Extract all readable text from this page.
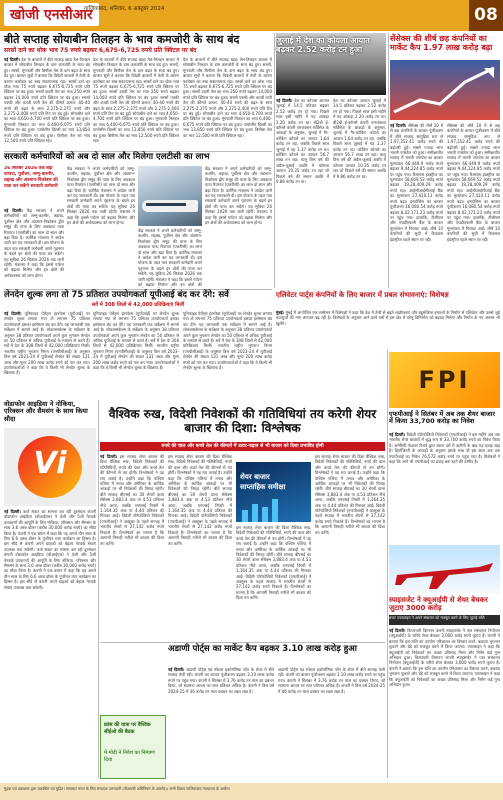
खोजी एनसीआर
गाजियाबाद, शनिवार, 6 अक्टूबर 2024	08
बीते सप्ताह सोयाबीन तिलहन के भाव कमजोरी के साथ बंद
सरसों दाने का थोक भाव 75 रुपये बढ़कर 6,675-6,725 रुपये प्रति क्विंटल पर बंद
नई दिल्ली। देश के बाजारों में बीते सप्ताह खाद्य तेल-तिलहन बाजार में सोयाबीन तिलहन के दाम कमजोरी के साथ बंद हुए। सरसों, मूंगफली और बिनौला तेल के दाम बढ़त के साथ बंद हुए। बाजार सूत्रों ने बताया कि विदेशी बाजारों में तेजी के कारण कारोबार का रुख सकारात्मक रहा। सरसों दाने का थोक भाव 75 रुपये बढ़कर 6,675-6,725 रुपये प्रति क्विंटल पर बंद हुआ। सरसों दादरी तेल का भाव 250 रुपये बढ़कर 14,000 रुपये प्रति क्विंटल पर बंद हुआ। सरसों पक्की और कच्ची घानी तेल की कीमतें क्रमश: 40-40 रुपये की बढ़त के साथ 2,275-2,375 रुपये और 2,275-2,400 रुपये प्रति टिन पर बंद हुईं। सोयाबीन दाने का भाव 4,650-4,700 रुपये प्रति क्विंटल पर बंद हुआ। मूंगफली तिलहन का भाव 6,400-6,675 रुपये प्रति क्विंटल पर बंद हुआ। पामोलीन दिल्ली का भाव 13,850 रुपये प्रति क्विंटल पर बंद हुआ। बिनौला तेल का भाव 12,500 रुपये प्रति क्विंटल रहा।
देश के बाजारों में बीते सप्ताह खाद्य तेल-तिलहन बाजार में सोयाबीन तिलहन के दाम कमजोरी के साथ बंद हुए। सरसों, मूंगफली और बिनौला तेल के दाम बढ़त के साथ बंद हुए। बाजार सूत्रों ने बताया कि विदेशी बाजारों में तेजी के कारण कारोबार का रुख सकारात्मक रहा। सरसों दाने का थोक भाव 75 रुपये बढ़कर 6,675-6,725 रुपये प्रति क्विंटल पर बंद हुआ। सरसों दादरी तेल का भाव 250 रुपये बढ़कर 14,000 रुपये प्रति क्विंटल पर बंद हुआ। सरसों पक्की और कच्ची घानी तेल की कीमतें क्रमश: 40-40 रुपये की बढ़त के साथ 2,275-2,375 रुपये और 2,275-2,400 रुपये प्रति टिन पर बंद हुईं। सोयाबीन दाने का भाव 4,650-4,700 रुपये प्रति क्विंटल पर बंद हुआ। मूंगफली तिलहन का भाव 6,400-6,675 रुपये प्रति क्विंटल पर बंद हुआ। पामोलीन दिल्ली का भाव 13,850 रुपये प्रति क्विंटल पर बंद हुआ। बिनौला तेल का भाव 12,500 रुपये प्रति क्विंटल रहा।
देश के बाजारों में बीते सप्ताह खाद्य तेल-तिलहन बाजार में सोयाबीन तिलहन के दाम कमजोरी के साथ बंद हुए। सरसों, मूंगफली और बिनौला तेल के दाम बढ़त के साथ बंद हुए। बाजार सूत्रों ने बताया कि विदेशी बाजारों में तेजी के कारण कारोबार का रुख सकारात्मक रहा। सरसों दाने का थोक भाव 75 रुपये बढ़कर 6,675-6,725 रुपये प्रति क्विंटल पर बंद हुआ। सरसों दादरी तेल का भाव 250 रुपये बढ़कर 14,000 रुपये प्रति क्विंटल पर बंद हुआ। सरसों पक्की और कच्ची घानी तेल की कीमतें क्रमश: 40-40 रुपये की बढ़त के साथ 2,275-2,375 रुपये और 2,275-2,400 रुपये प्रति टिन पर बंद हुईं। सोयाबीन दाने का भाव 4,650-4,700 रुपये प्रति क्विंटल पर बंद हुआ। मूंगफली तिलहन का भाव 6,400-6,675 रुपये प्रति क्विंटल पर बंद हुआ। पामोलीन दिल्ली का भाव 13,850 रुपये प्रति क्विंटल पर बंद हुआ। बिनौला तेल का भाव 12,500 रुपये प्रति क्विंटल रहा।
सरकारी कर्मचारियों को अब दो साल और मिलेगा एलटीसी का लाभ
26 सितंबर 2026 तक बढ़ा फायदा, पूर्वोत्तर, जम्मू-कश्मीर, लद्दाख और अंडमान-निकोबार की यात्रा कर सकेंगे सरकारी कर्मचारी
नई दिल्ली। केंद्र सरकार ने अपने कर्मचारियों को जम्मू-कश्मीर, लद्दाख, पूर्वोत्तर क्षेत्र और अंडमान-निकोबार द्वीप समूह की यात्रा के लिए अवकाश यात्रा रियायत (एलटीसी) का लाभ दो साल और बढ़ा दिया है। कार्मिक मंत्रालय ने आदेश जारी कर यह जानकारी दी। इस योजना के तहत पात्र सरकारी कर्मचारी अपने गृहनगर के बदले इन क्षेत्रों की यात्रा कर सकेंगे। यह सुविधा 26 सितंबर 2026 तक जारी रहेगी। मंत्रालय ने कहा कि इससे पर्यटन को बढ़ावा मिलेगा और इन क्षेत्रों की अर्थव्यवस्था को लाभ होगा।
केंद्र सरकार ने अपने कर्मचारियों को जम्मू-कश्मीर, लद्दाख, पूर्वोत्तर क्षेत्र और अंडमान-निकोबार द्वीप समूह की यात्रा के लिए अवकाश यात्रा रियायत (एलटीसी) का लाभ दो साल और बढ़ा दिया है। कार्मिक मंत्रालय ने आदेश जारी कर यह जानकारी दी। इस योजना के तहत पात्र सरकारी कर्मचारी अपने गृहनगर के बदले इन क्षेत्रों की यात्रा कर सकेंगे। यह सुविधा 26 सितंबर 2026 तक जारी रहेगी। मंत्रालय ने कहा कि इससे पर्यटन को बढ़ावा मिलेगा और इन क्षेत्रों की अर्थव्यवस्था को लाभ होगा।
केंद्र सरकार ने अपने कर्मचारियों को जम्मू-कश्मीर, लद्दाख, पूर्वोत्तर क्षेत्र और अंडमान-निकोबार द्वीप समूह की यात्रा के लिए अवकाश यात्रा रियायत (एलटीसी) का लाभ दो साल और बढ़ा दिया है। कार्मिक मंत्रालय ने आदेश जारी कर यह जानकारी दी। इस योजना के तहत पात्र सरकारी कर्मचारी अपने गृहनगर के बदले इन क्षेत्रों की यात्रा कर सकेंगे। यह सुविधा 26 सितंबर 2026 तक जारी रहेगी। मंत्रालय ने कहा कि इससे पर्यटन को बढ़ावा मिलेगा और इन क्षेत्रों की
केंद्र सरकार ने अपने कर्मचारियों को जम्मू-कश्मीर, लद्दाख, पूर्वोत्तर क्षेत्र और अंडमान-निकोबार द्वीप समूह की यात्रा के लिए अवकाश यात्रा रियायत (एलटीसी) का लाभ दो साल और बढ़ा दिया है। कार्मिक मंत्रालय ने आदेश जारी कर यह जानकारी दी। इस योजना के तहत पात्र सरकारी कर्मचारी अपने गृहनगर के बदले इन क्षेत्रों की यात्रा कर सकेंगे। यह सुविधा 26 सितंबर 2026 तक जारी रहेगी। मंत्रालय ने कहा कि इससे पर्यटन को बढ़ावा मिलेगा और इन क्षेत्रों की अर्थव्यवस्था को लाभ होगा।
जुलाई में देश का कोयला आयात बढ़कर 2.52 करोड़ टन हुआ
नई दिल्ली। देश का कोयला आयात जुलाई में 14.5 प्रतिशत बढ़कर 2.52 करोड़ टन हो गया। पिछले साल इसी महीने में यह आंकड़ा 2.20 करोड़ टन था। बी2बी ई-कॉमर्स कंपनी एमजंक्शन सर्विसेज के आंकड़ों के अनुसार, जुलाई में गैर-कोकिंग कोयले का आयात 1.64 करोड़ टन रहा, जबकि पिछले साल जुलाई में यह 1.37 करोड़ टन था। कोकिंग कोयले का आयात 56.7 लाख टन रहा। चालू वित्त वर्ष की अप्रैल-जुलाई अवधि में कोयला आयात 10.35 करोड़ टन रहा जो पिछले वर्ष की समान अवधि में 9.86 करोड़ टन था।
देश का कोयला आयात जुलाई में 14.5 प्रतिशत बढ़कर 2.52 करोड़ टन हो गया। पिछले साल इसी महीने में यह आंकड़ा 2.20 करोड़ टन था। बी2बी ई-कॉमर्स कंपनी एमजंक्शन सर्विसेज के आंकड़ों के अनुसार, जुलाई में गैर-कोकिंग कोयले का आयात 1.64 करोड़ टन रहा, जबकि पिछले साल जुलाई में यह 1.37 करोड़ टन था। कोकिंग कोयले का आयात 56.7 लाख टन रहा। चालू वित्त वर्ष की अप्रैल-जुलाई अवधि में कोयला आयात 10.35 करोड़ टन रहा जो पिछले वर्ष की समान अवधि में 9.86 करोड़ टन था।
सेंसेक्स की शीर्ष छह कंपनियों का मार्केट कैप 1.97 लाख करोड़ बढ़ा
नई दिल्ली। सेंसेक्स की शीर्ष 10 में से छह कंपनियों के बाजार पूंजीकरण में बीते सप्ताह सामूहिक रूप से 1,97,352.41 करोड़ रुपये की बढ़ोतरी हुई। सबसे ज्यादा लाभ भारती एयरटेल को हुआ। समीक्षाधीन सप्ताह में भारती एयरटेल का बाजार मूल्यांकन 66,449.9 करोड़ रुपये बढ़कर 9,44,224.85 करोड़ रुपये पर पहुंच गया। रिलायंस इंडस्ट्रीज का मूल्यांकन 58,669.52 करोड़ रुपये बढ़कर 19,28,409.29 करोड़ रुपये रहा। आईसीआईसीआई बैंक का मूल्यांकन 27,410.11 करोड़ रुपये बढ़ा। इन्फोसिस का बाजार पूंजीकरण 16,080.54 करोड़ रुपये बढ़कर 8,02,171.23 करोड़ रुपये पर पहुंच गया। हालांकि, टीसीएस और एचडीएफसी बैंक के बाजार मूल्यांकन में गिरावट आई। शीर्ष 10 कंपनियों की सूची में रिलायंस इंडस्ट्रीज पहले स्थान पर रही।
सेंसेक्स की शीर्ष 10 में से छह कंपनियों के बाजार पूंजीकरण में बीते सप्ताह सामूहिक रूप से 1,97,352.41 करोड़ रुपये की बढ़ोतरी हुई। सबसे ज्यादा लाभ भारती एयरटेल को हुआ। समीक्षाधीन सप्ताह में भारती एयरटेल का बाजार मूल्यांकन 66,449.9 करोड़ रुपये बढ़कर 9,44,224.85 करोड़ रुपये पर पहुंच गया। रिलायंस इंडस्ट्रीज का मूल्यांकन 58,669.52 करोड़ रुपये बढ़कर 19,28,409.29 करोड़ रुपये रहा। आईसीआईसीआई बैंक का मूल्यांकन 27,410.11 करोड़ रुपये बढ़ा। इन्फोसिस का बाजार पूंजीकरण 16,080.54 करोड़ रुपये बढ़कर 8,02,171.23 करोड़ रुपये पर पहुंच गया। हालांकि, टीसीएस और एचडीएफसी बैंक के बाजार मूल्यांकन में गिरावट आई। शीर्ष 10 कंपनियों की सूची में रिलायंस इंडस्ट्रीज पहले स्थान पर रही।
लेनदेन शुल्क लगा तो 75 प्रतिशत उपयोगकर्ता यूपीआई बंद कर देंगे: सर्वे
सर्वे में 308 जिलों से 42,000 प्रतिक्रियाएं मिलीं
नई दिल्ली। यूनिफाइड पेमेंट्स इंटरफेस (यूपीआई) पर लेनदेन शुल्क लगाया गया तो लगभग 75 प्रतिशत उपयोगकर्ता इसका इस्तेमाल बंद कर देंगे। यह जानकारी एक सर्वेक्षण में सामने आई है। लोकलसर्कल्स के सर्वेक्षण के अनुसार 38 प्रतिशत उपयोगकर्ता अपने कुल भुगतान लेनदेन का 50 प्रतिशत से अधिक यूपीआई के माध्यम से करते हैं। सर्वे में देश के 308 जिलों से 42,000 प्रतिक्रियाएं मिलीं। भारतीय राष्ट्रीय भुगतान निगम (एनपीसीआई) के अनुसार वित्त वर्ष 2023-24 में यूपीआई लेनदेन की संख्या 131 अरब और मूल्य 200 लाख करोड़ रुपये को पार कर गया। उपयोगकर्ताओं ने कहा कि वे किसी भी लेनदेन शुल्क के खिलाफ हैं।
यूनिफाइड पेमेंट्स इंटरफेस (यूपीआई) पर लेनदेन शुल्क लगाया गया तो लगभग 75 प्रतिशत उपयोगकर्ता इसका इस्तेमाल बंद कर देंगे। यह जानकारी एक सर्वेक्षण में सामने आई है। लोकलसर्कल्स के सर्वेक्षण के अनुसार 38 प्रतिशत उपयोगकर्ता अपने कुल भुगतान लेनदेन का 50 प्रतिशत से अधिक यूपीआई के माध्यम से करते हैं। सर्वे में देश के 308 जिलों से 42,000 प्रतिक्रियाएं मिलीं। भारतीय राष्ट्रीय भुगतान निगम (एनपीसीआई) के अनुसार वित्त वर्ष 2023-24 में यूपीआई लेनदेन की संख्या 131 अरब और मूल्य 200 लाख करोड़ रुपये को पार कर गया। उपयोगकर्ताओं ने कहा कि वे किसी भी लेनदेन शुल्क के खिलाफ हैं।
यूनिफाइड पेमेंट्स इंटरफेस (यूपीआई) पर लेनदेन शुल्क लगाया गया तो लगभग 75 प्रतिशत उपयोगकर्ता इसका इस्तेमाल बंद कर देंगे। यह जानकारी एक सर्वेक्षण में सामने आई है। लोकलसर्कल्स के सर्वेक्षण के अनुसार 38 प्रतिशत उपयोगकर्ता अपने कुल भुगतान लेनदेन का 50 प्रतिशत से अधिक यूपीआई के माध्यम से करते हैं। सर्वे में देश के 308 जिलों से 42,000 प्रतिक्रियाएं मिलीं। भारतीय राष्ट्रीय भुगतान निगम (एनपीसीआई) के अनुसार वित्त वर्ष 2023-24 में यूपीआई लेनदेन की संख्या 131 अरब और मूल्य 200 लाख करोड़ रुपये को पार कर गया। उपयोगकर्ताओं ने कहा कि वे किसी भी लेनदेन शुल्क के खिलाफ हैं।
एलिवेटर पार्ट्स कंपनियों के लिए बाजार में प्रबल संभावनाएं: विशेषज्ञ
मुंबई। मुंबई में आयोजित एक सम्मेलन में विशेषज्ञों ने कहा कि देश में तेजी से बढ़ते शहरीकरण और बहुमंजिला इमारतों के निर्माण से एलिवेटर और उससे जुड़े कलपुर्जों की मांग लगातार बढ़ रही है। विशेषज्ञों के अनुसार आने वाले वर्षों में इस क्षेत्र में घरेलू विनिर्माण को बढ़ावा मिलेगा और निर्यात के नए अवसर भी खुलेंगे।
FPI
एफपीआई ने सितंबर में अब तक शेयर बाजार में किया 33,700 करोड़ का निवेश
नई दिल्ली। विदेशी पोर्टफोलियो निवेशकों (एफपीआई) ने इस महीने अब तक भारतीय शेयर बाजारों में शुद्ध रूप से 33,700 करोड़ रुपये का निवेश किया है। अमेरिकी फेडरल रिजर्व द्वारा ब्याज दरों में कटौती के बाद यह प्रवाह बढ़ा है। डिपॉजिटरी के आंकड़ों के अनुसार इसके साथ ही इस साल अब तक एफपीआई का निवेश 76,572 करोड़ रुपये पर पहुंच गया है। विशेषज्ञों ने कहा कि आगे भी एफपीआई का प्रवाह बना रहने की उम्मीद है।
वोडाफोन आइडिया ने नोकिया, एरिक्सन और सैमसंग के साथ किया सौदा
Vi
नई दिल्ली। कर्ज संकट का सामना कर रही दूरसंचार कंपनी वोडाफोन आइडिया (वीआईएल) ने 4जी और 5जी नेटवर्क उपकरणों की आपूर्ति के लिए नोकिया, एरिक्सन और सैमसंग के साथ 3.6 अरब डॉलर (करीब 30,000 करोड़ रुपये) का सौदा किया है। कंपनी ने एक बयान में कहा कि यह अगले तीन साल के लिए 6.6 अरब डॉलर के पूंजीगत व्यय कार्यक्रम का हिस्सा है। इस सौदे से कंपनी अपने ग्राहकों को बेहतर नेटवर्क सेवाएं उपलब्ध करा सकेगी। कर्ज संकट का सामना कर रही दूरसंचार कंपनी वोडाफोन आइडिया (वीआईएल) ने 4जी और 5जी नेटवर्क उपकरणों की आपूर्ति के लिए नोकिया, एरिक्सन और सैमसंग के साथ 3.6 अरब डॉलर (करीब 30,000 करोड़ रुपये) का सौदा किया है। कंपनी ने एक बयान में कहा कि यह अगले तीन साल के लिए 6.6 अरब डॉलर के पूंजीगत व्यय कार्यक्रम का हिस्सा है। इस सौदे से कंपनी अपने ग्राहकों को बेहतर नेटवर्क सेवाएं उपलब्ध करा सकेगी।
वैश्विक रुख, विदेशी निवेशकों की गतिविधियां तय करेगी शेयर बाजार की दिशा: विश्लेषक
रुपये की चाल और कच्चे तेल की कीमतों में उतार-चढ़ाव से भी बाजार को दिशा प्रभावित होगी
नई दिल्ली। इस सप्ताह शेयर बाजार की दिशा वैश्विक रुख, विदेशी निवेशकों की गतिविधियों, रुपये की चाल और कच्चे तेल की कीमतों से तय होगी। विश्लेषकों ने यह राय जताई है। उन्होंने कहा कि पश्चिम एशिया में तनाव और अमेरिका के आर्थिक आंकड़ों पर भी निवेशकों की निगाह रहेगी। बीते सप्ताह बीएसई का 30 शेयरों वाला सेंसेक्स 3,883.4 अंक या 4.53 प्रतिशत नीचे आया, जबकि एनएसई निफ्टी में 1,164.35 अंक या 4.44 प्रतिशत की गिरावट आई। विदेशी पोर्टफोलियो निवेशकों (एफपीआई) ने अक्टूबर के पहले सप्ताह में भारतीय शेयरों से 27,142 करोड़ रुपये निकाले हैं। विश्लेषकों का मानना है कि आगामी तिमाही नतीजे भी बाजार की दिशा तय करेंगे।
इस सप्ताह शेयर बाजार की दिशा वैश्विक रुख, विदेशी निवेशकों की गतिविधियों, रुपये की चाल और कच्चे तेल की कीमतों से तय होगी। विश्लेषकों ने यह राय जताई है। उन्होंने कहा कि पश्चिम एशिया में तनाव और अमेरिका के आर्थिक आंकड़ों पर भी निवेशकों की निगाह रहेगी। बीते सप्ताह बीएसई का 30 शेयरों वाला सेंसेक्स 3,883.4 अंक या 4.53 प्रतिशत नीचे आया, जबकि एनएसई निफ्टी में 1,164.35 अंक या 4.44 प्रतिशत की गिरावट आई। विदेशी पोर्टफोलियो निवेशकों (एफपीआई) ने अक्टूबर के पहले सप्ताह में भारतीय शेयरों से 27,142 करोड़ रुपये निकाले हैं। विश्लेषकों का मानना है कि आगामी तिमाही नतीजे भी बाजार की दिशा तय करेंगे।
शेयर बाजार
साप्ताहिक समीक्षा
इस सप्ताह शेयर बाजार की दिशा वैश्विक रुख, विदेशी निवेशकों की गतिविधियों, रुपये की चाल और कच्चे तेल की कीमतों से तय होगी। विश्लेषकों ने यह राय जताई है। उन्होंने कहा कि पश्चिम एशिया में तनाव और अमेरिका के आर्थिक आंकड़ों पर भी निवेशकों की निगाह रहेगी। बीते सप्ताह बीएसई का 30 शेयरों वाला सेंसेक्स 3,883.4 अंक या 4.53 प्रतिशत नीचे आया, जबकि एनएसई निफ्टी में 1,164.35 अंक या 4.44 प्रतिशत की गिरावट आई। विदेशी पोर्टफोलियो निवेशकों (एफपीआई) ने अक्टूबर के पहले सप्ताह में भारतीय शेयरों से 27,142 करोड़ रुपये निकाले हैं। विश्लेषकों का मानना है कि आगामी तिमाही नतीजे भी बाजार की दिशा तय करेंगे।
इस सप्ताह शेयर बाजार की दिशा वैश्विक रुख, विदेशी निवेशकों की गतिविधियों, रुपये की चाल और कच्चे तेल की कीमतों से तय होगी। विश्लेषकों ने यह राय जताई है। उन्होंने कहा कि पश्चिम एशिया में तनाव और अमेरिका के आर्थिक आंकड़ों पर भी निवेशकों की निगाह रहेगी। बीते सप्ताह बीएसई का 30 शेयरों वाला सेंसेक्स 3,883.4 अंक या 4.53 प्रतिशत नीचे आया, जबकि एनएसई निफ्टी में 1,164.35 अंक या 4.44 प्रतिशत की गिरावट आई। विदेशी पोर्टफोलियो निवेशकों (एफपीआई) ने अक्टूबर के पहले सप्ताह में भारतीय शेयरों से 27,142 करोड़ रुपये निकाले हैं। विश्लेषकों का मानना है कि आगामी तिमाही नतीजे भी बाजार की दिशा तय करेंगे।
अडाणी पोर्ट्स का मार्केट कैप बढ़कर 3.10 लाख करोड़ हुआ
नई दिल्ली। अडाणी पोर्ट्स एंड स्पेशल इकोनॉमिक जोन के शेयर में बीते सप्ताह तेजी रही। कंपनी का बाजार पूंजीकरण बढ़कर 3.10 लाख करोड़ रुपये पर पहुंच गया। कंपनी ने सितंबर में 3.76 करोड़ टन माल का प्रबंधन किया, जो सालाना आधार पर सात प्रतिशत अधिक है। कंपनी ने वित्त वर्ष 2024-25 में 46 करोड़ टन माल प्रबंधन का लक्ष्य रखा है।
अडाणी पोर्ट्स एंड स्पेशल इकोनॉमिक जोन के शेयर में बीते सप्ताह तेजी रही। कंपनी का बाजार पूंजीकरण बढ़कर 3.10 लाख करोड़ रुपये पर पहुंच गया। कंपनी ने सितंबर में 3.76 करोड़ टन माल का प्रबंधन किया, जो सालाना आधार पर सात प्रतिशत अधिक है। कंपनी ने वित्त वर्ष 2024-25 में 46 करोड़ टन माल प्रबंधन का लक्ष्य रखा है।
फ्रांस की यात्रा पर वैश्विक सीईओ की बैठक
में मोदी ने निवेश का निमंत्रण दिया
स्पाइसजेट ने क्यूआईपी से शेयर बेचकर जुटाए 3000 करोड़
बजट एयरलाइन ने अपने संचालन को मजबूत करने के लिए जुटाई राशि
नई दिल्ली। किफायती विमानन कंपनी स्पाइसजेट ने पात्र संस्थागत नियोजन (क्यूआईपी) के जरिये शेयर बेचकर 3,000 करोड़ रुपये जुटाए हैं। कंपनी ने बताया कि इस राशि का उपयोग परिचालन का विस्तार करने, बकाया भुगतान चुकाने और बेड़े को मजबूत करने में किया जाएगा। एयरलाइन ने कहा कि क्यूआईपी को निवेशकों का अच्छा प्रतिसाद मिला और निर्गम कई गुना अभिदान हुआ। किफायती विमानन कंपनी स्पाइसजेट ने पात्र संस्थागत नियोजन (क्यूआईपी) के जरिये शेयर बेचकर 3,000 करोड़ रुपये जुटाए हैं। कंपनी ने बताया कि इस राशि का उपयोग परिचालन का विस्तार करने, बकाया भुगतान चुकाने और बेड़े को मजबूत करने में किया जाएगा। एयरलाइन ने कहा कि क्यूआईपी को निवेशकों का अच्छा प्रतिसाद मिला और निर्गम कई गुना अभिदान हुआ।
मुद्रक एवं प्रकाशक द्वारा प्रकाशित एवं मुद्रित। समाचार चयन के लिए संपादक उत्तरदायी (पीआरबी अधिनियम के अंतर्गत)। सभी विवाद गाजियाबाद न्यायालय के अधीन।
